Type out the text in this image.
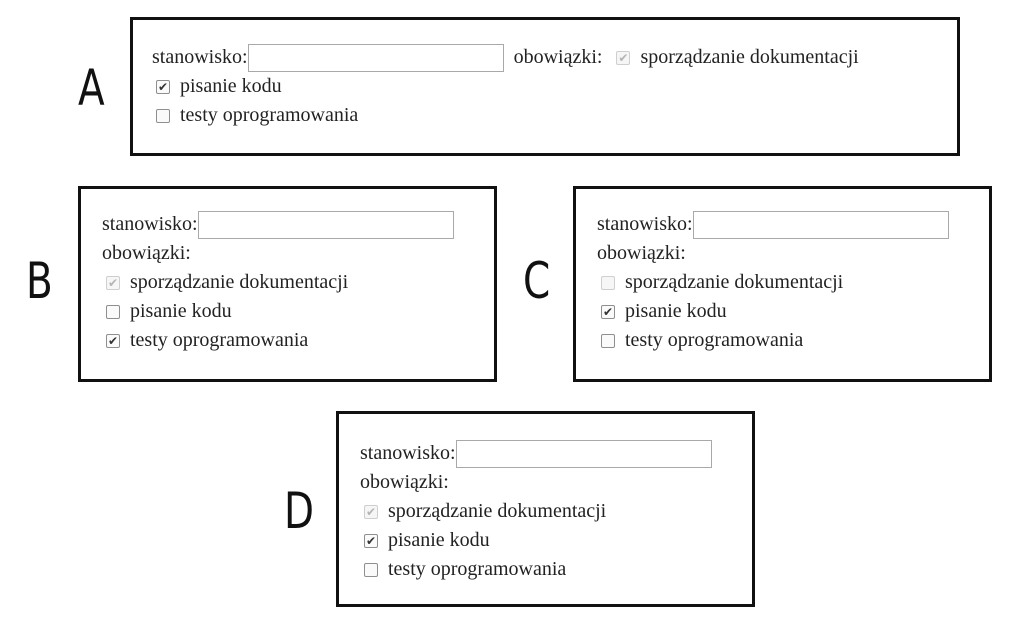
A
stanowisko:	obowiązki: ✔ sporządzanie dokumentacji
✔ pisanie kodu
testy oprogramowania
B
stanowisko:
obowiązki:
✔ sporządzanie dokumentacji
pisanie kodu
✔ testy oprogramowania
C
stanowisko:
obowiązki:
sporządzanie dokumentacji
✔ pisanie kodu
testy oprogramowania
D
stanowisko:
obowiązki:
✔ sporządzanie dokumentacji
✔ pisanie kodu
testy oprogramowania
